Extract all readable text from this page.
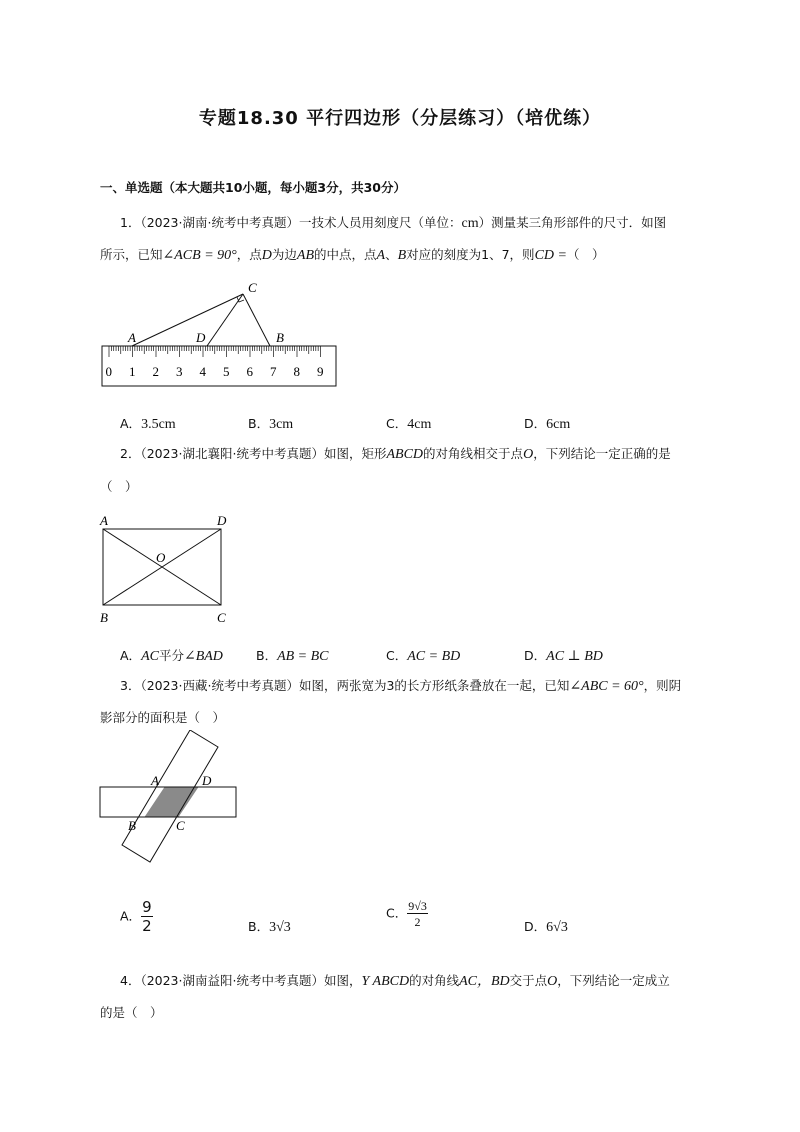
专题18.30 平行四边形（分层练习）（培优练）
一、单选题（本大题共10小题，每小题3分，共30分）
1．（2023·湖南·统考中考真题）一技术人员用刻度尺（单位：cm）测量某三角形部件的尺寸．如图
所示，已知∠ACB = 90°，点D为边AB的中点，点A、B对应的刻度为1、7，则CD =（　）
A	D	B
C
0 1 2 3 4 5 6 7 8 9
A．3.5cm	B．3cm	C．4cm	D．6cm
2．（2023·湖北襄阳·统考中考真题）如图，矩形ABCD的对角线相交于点O，下列结论一定正确的是
（　）
A	D
B	C
O
A．AC平分∠BAD	B．AB = BC	C．AC = BD	D．AC ⊥ BD
3．（2023·西藏·统考中考真题）如图，两张宽为3的长方形纸条叠放在一起，已知∠ABC = 60°，则阴
影部分的面积是（　）
A	D
B	C
A． $\frac{9}{2}$	B．3√3
C． $\frac{9√3}{2}$	D．6√3
4．（2023·湖南益阳·统考中考真题）如图，Y ABCD的对角线AC，BD交于点O，下列结论一定成立
的是（　）
